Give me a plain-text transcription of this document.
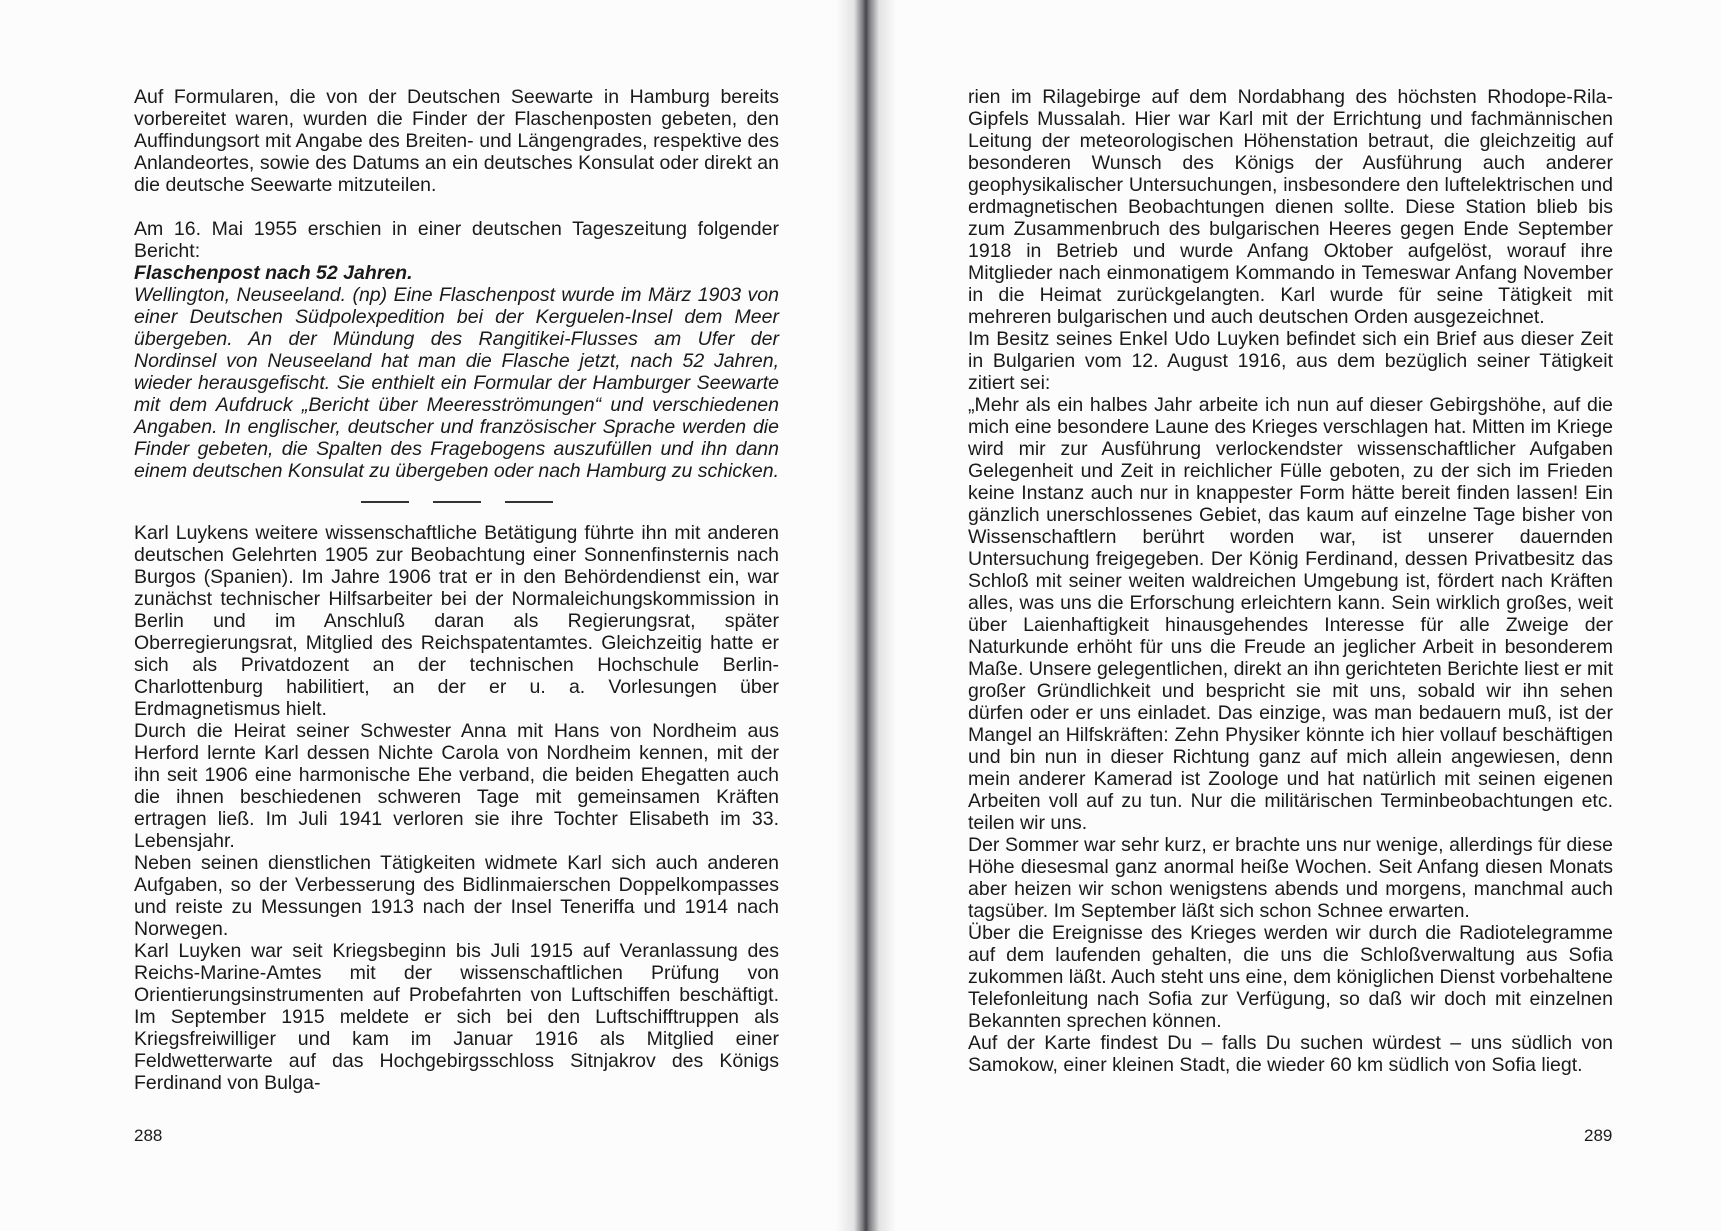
Auf Formularen, die von der Deutschen Seewarte in Hamburg bereits vorbereitet waren, wurden die Finder der Flaschenposten gebeten, den Auffindungsort mit Angabe des Breiten- und Längengrades, respektive des Anlandeortes, sowie des Datums an ein deutsches Konsulat oder direkt an die deutsche Seewarte mitzuteilen.

Am 16. Mai 1955 erschien in einer deutschen Tageszeitung folgender Bericht:

Flaschenpost nach 52 Jahren.

Wellington, Neuseeland. (np) Eine Flaschenpost wurde im März 1903 von einer Deutschen Südpolexpedition bei der Kerguelen-Insel dem Meer übergeben. An der Mündung des Rangitikei-Flusses am Ufer der Nordinsel von Neuseeland hat man die Flasche jetzt, nach 52 Jahren, wieder herausgefischt. Sie enthielt ein Formular der Hamburger Seewarte mit dem Aufdruck „Bericht über Meeresströmungen“ und verschiedenen Angaben. In englischer, deutscher und französischer Sprache werden die Finder gebeten, die Spalten des Fragebogens auszufüllen und ihn dann einem deutschen Konsulat zu übergeben oder nach Hamburg zu schicken.

Karl Luykens weitere wissenschaftliche Betätigung führte ihn mit anderen deutschen Gelehrten 1905 zur Beobachtung einer Sonnenfinsternis nach Burgos (Spanien). Im Jahre 1906 trat er in den Behördendienst ein, war zunächst technischer Hilfsarbeiter bei der Normaleichungskommission in Berlin und im Anschluß daran als Regierungsrat, später Oberregierungsrat, Mitglied des Reichspatentamtes. Gleichzeitig hatte er sich als Privatdozent an der technischen Hochschule Berlin-Charlottenburg habilitiert, an der er u. a. Vorlesungen über Erdmagnetismus hielt.

Durch die Heirat seiner Schwester Anna mit Hans von Nordheim aus Herford lernte Karl dessen Nichte Carola von Nordheim kennen, mit der ihn seit 1906 eine harmonische Ehe verband, die beiden Ehegatten auch die ihnen beschiedenen schweren Tage mit gemeinsamen Kräften ertragen ließ. Im Juli 1941 verloren sie ihre Tochter Elisabeth im 33. Lebensjahr.

Neben seinen dienstlichen Tätigkeiten widmete Karl sich auch anderen Aufgaben, so der Verbesserung des Bidlinmaierschen Doppelkompasses und reiste zu Messungen 1913 nach der Insel Teneriffa und 1914 nach Norwegen.

Karl Luyken war seit Kriegsbeginn bis Juli 1915 auf Veranlassung des Reichs-Marine-Amtes mit der wissenschaftlichen Prüfung von Orientierungsinstrumenten auf Probefahrten von Luftschiffen beschäftigt. Im September 1915 meldete er sich bei den Luftschifftruppen als Kriegsfreiwilliger und kam im Januar 1916 als Mitglied einer Feldwetterwarte auf das Hochgebirgsschloss Sitnjakrov des Königs Ferdinand von Bulga-

288

rien im Rilagebirge auf dem Nordabhang des höchsten Rhodope-Rila-Gipfels Mussalah. Hier war Karl mit der Errichtung und fachmännischen Leitung der meteorologischen Höhenstation betraut, die gleichzeitig auf besonderen Wunsch des Königs der Ausführung auch anderer geophysikalischer Untersuchungen, insbesondere den luftelektrischen und erdmagnetischen Beobachtungen dienen sollte. Diese Station blieb bis zum Zusammenbruch des bulgarischen Heeres gegen Ende September 1918 in Betrieb und wurde Anfang Oktober aufgelöst, worauf ihre Mitglieder nach einmonatigem Kommando in Temeswar Anfang November in die Heimat zurückgelangten. Karl wurde für seine Tätigkeit mit mehreren bulgarischen und auch deutschen Orden ausgezeichnet.

Im Besitz seines Enkel Udo Luyken befindet sich ein Brief aus dieser Zeit in Bulgarien vom 12. August 1916, aus dem bezüglich seiner Tätigkeit zitiert sei:

„Mehr als ein halbes Jahr arbeite ich nun auf dieser Gebirgshöhe, auf die mich eine besondere Laune des Krieges verschlagen hat. Mitten im Kriege wird mir zur Ausführung verlockendster wissenschaftlicher Aufgaben Gelegenheit und Zeit in reichlicher Fülle geboten, zu der sich im Frieden keine Instanz auch nur in knappester Form hätte bereit finden lassen! Ein gänzlich unerschlossenes Gebiet, das kaum auf einzelne Tage bisher von Wissenschaftlern berührt worden war, ist unserer dauernden Untersuchung freigegeben. Der König Ferdinand, dessen Privatbesitz das Schloß mit seiner weiten waldreichen Umgebung ist, fördert nach Kräften alles, was uns die Erforschung erleichtern kann. Sein wirklich großes, weit über Laienhaftigkeit hinausgehendes Interesse für alle Zweige der Naturkunde erhöht für uns die Freude an jeglicher Arbeit in besonderem Maße. Unsere gelegentlichen, direkt an ihn gerichteten Berichte liest er mit großer Gründlichkeit und bespricht sie mit uns, sobald wir ihn sehen dürfen oder er uns einladet. Das einzige, was man bedauern muß, ist der Mangel an Hilfskräften: Zehn Physiker könnte ich hier vollauf beschäftigen und bin nun in dieser Richtung ganz auf mich allein angewiesen, denn mein anderer Kamerad ist Zoologe und hat natürlich mit seinen eigenen Arbeiten voll auf zu tun. Nur die militärischen Terminbeobachtungen etc. teilen wir uns.

Der Sommer war sehr kurz, er brachte uns nur wenige, allerdings für diese Höhe diesesmal ganz anormal heiße Wochen. Seit Anfang diesen Monats aber heizen wir schon wenigstens abends und morgens, manchmal auch tagsüber. Im September läßt sich schon Schnee erwarten.

Über die Ereignisse des Krieges werden wir durch die Radiotelegramme auf dem laufenden gehalten, die uns die Schloßverwaltung aus Sofia zukommen läßt. Auch steht uns eine, dem königlichen Dienst vorbehaltene Telefonleitung nach Sofia zur Verfügung, so daß wir doch mit einzelnen Bekannten sprechen können.

Auf der Karte findest Du – falls Du suchen würdest – uns südlich von Samokow, einer kleinen Stadt, die wieder 60 km südlich von Sofia liegt.

289
